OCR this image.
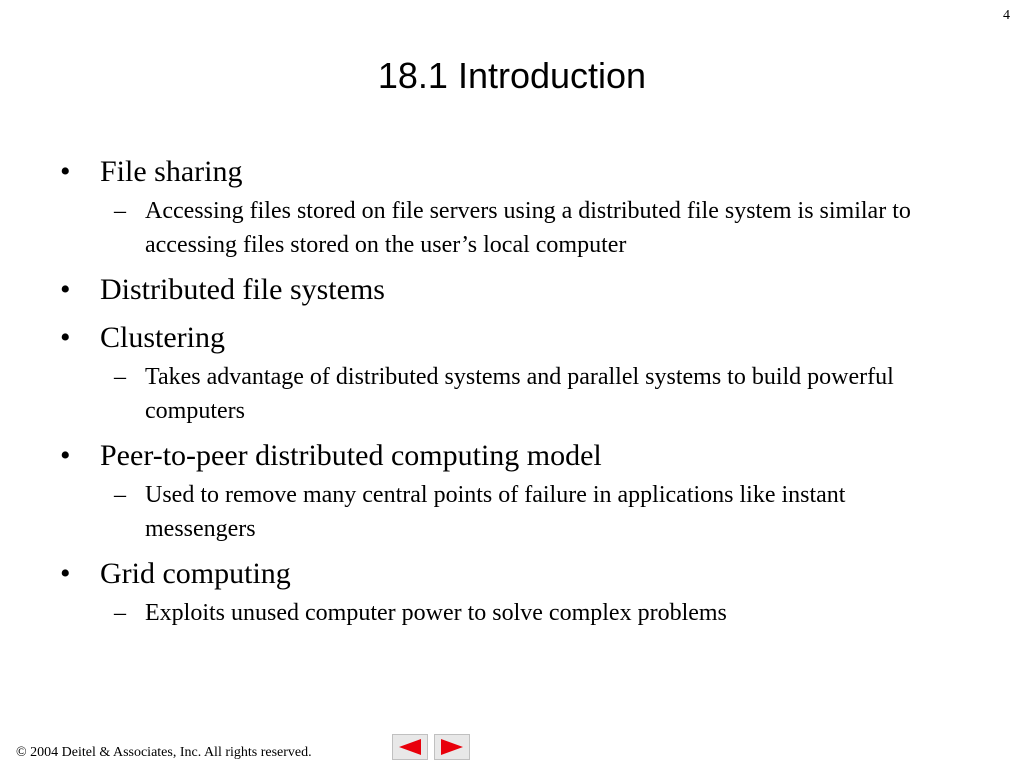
4
18.1 Introduction
• File sharing
– Accessing files stored on file servers using a distributed file system is similar to accessing files stored on the user’s local computer
• Distributed file systems
• Clustering
– Takes advantage of distributed systems and parallel systems to build powerful computers
• Peer-to-peer distributed computing model
– Used to remove many central points of failure in applications like instant messengers
• Grid computing
– Exploits unused computer power to solve complex problems
© 2004 Deitel & Associates, Inc. All rights reserved.
